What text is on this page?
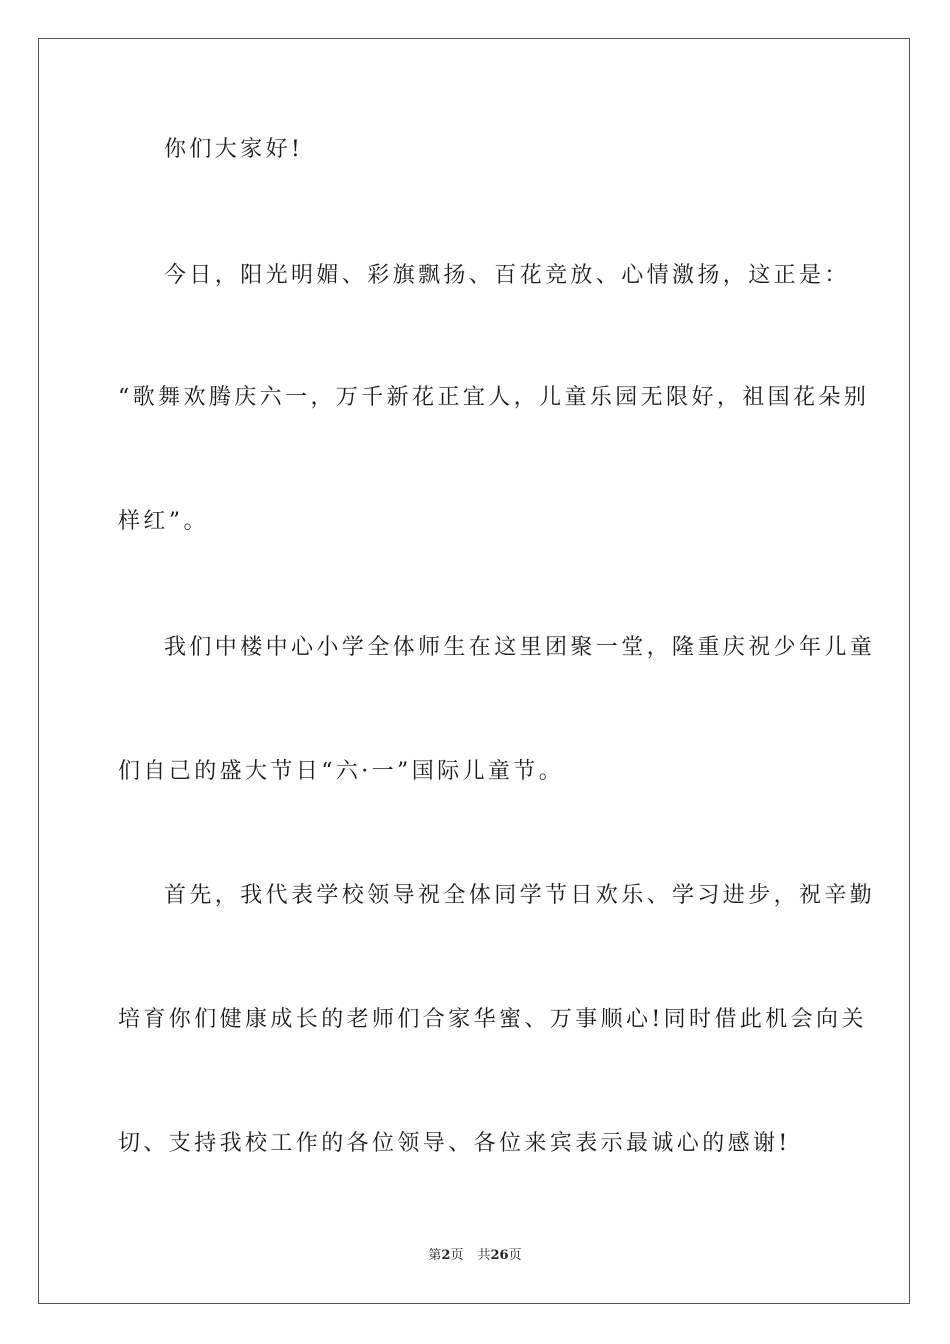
你们大家好!
今日，阳光明媚、彩旗飘扬、百花竞放、心情激扬，这正是：
“歌舞欢腾庆六一，万千新花正宜人，儿童乐园无限好，祖国花朵别
样红”。
我们中楼中心小学全体师生在这里团聚一堂，隆重庆祝少年儿童
们自己的盛大节日“六·一”国际儿童节。
首先，我代表学校领导祝全体同学节日欢乐、学习进步，祝辛勤
培育你们健康成长的老师们合家华蜜、万事顺心!同时借此机会向关
切、支持我校工作的各位领导、各位来宾表示最诚心的感谢!
第2页 共26页
